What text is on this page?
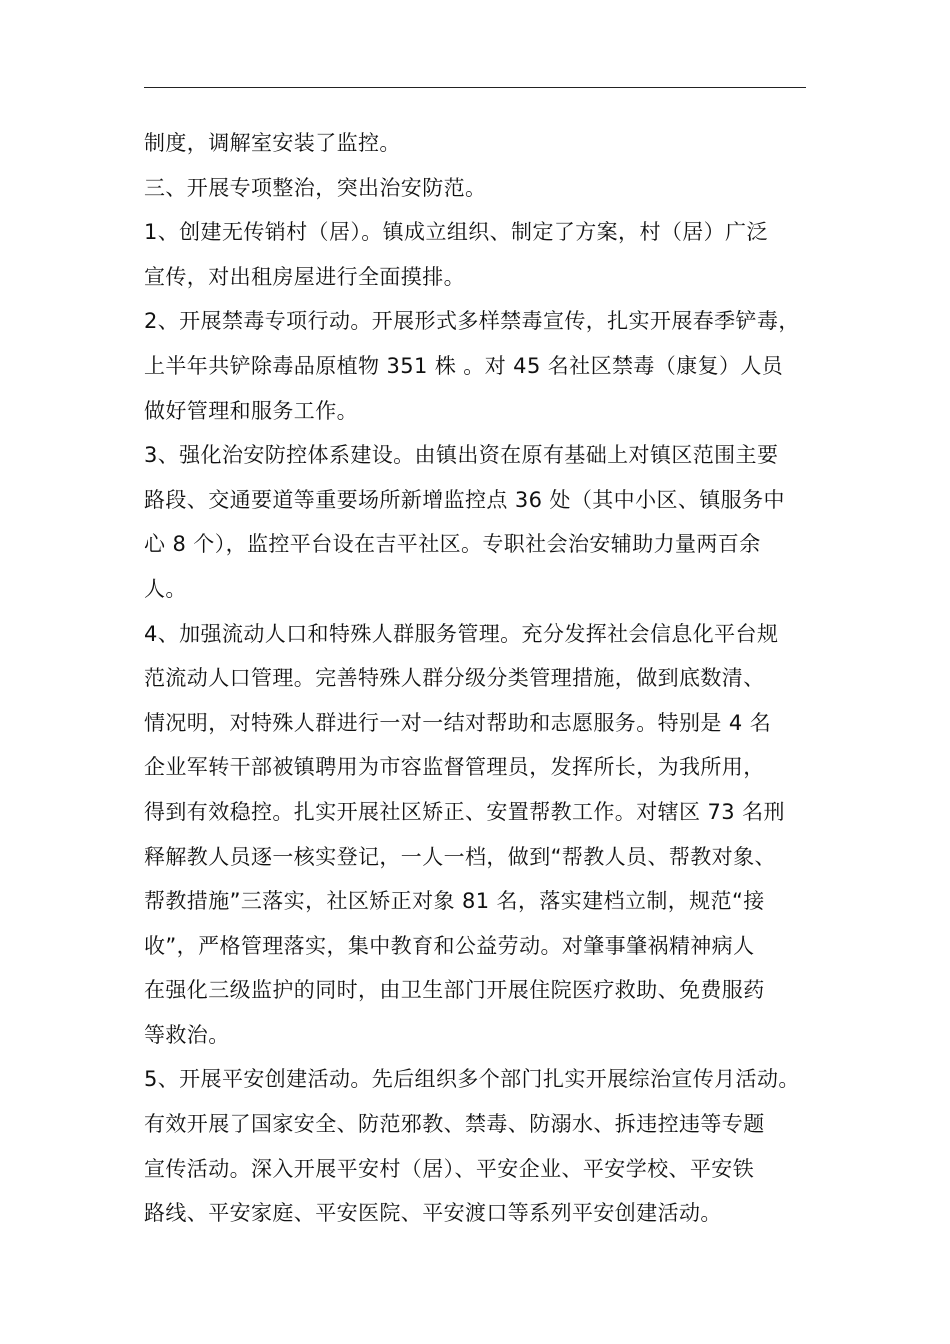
制度，调解室安装了监控。
三、开展专项整治，突出治安防范。
1、创建无传销村（居）。镇成立组织、制定了方案，村（居）广泛
宣传，对出租房屋进行全面摸排。
2、开展禁毒专项行动。开展形式多样禁毒宣传，扎实开展春季铲毒，
上半年共铲除毒品原植物 351 株 。对 45 名社区禁毒（康复）人员
做好管理和服务工作。
3、强化治安防控体系建设。由镇出资在原有基础上对镇区范围主要
路段、交通要道等重要场所新增监控点 36 处（其中小区、镇服务中
心 8 个），监控平台设在吉平社区。专职社会治安辅助力量两百余
人。
4、加强流动人口和特殊人群服务管理。充分发挥社会信息化平台规
范流动人口管理。完善特殊人群分级分类管理措施，做到底数清、
情况明，对特殊人群进行一对一结对帮助和志愿服务。特别是 4 名
企业军转干部被镇聘用为市容监督管理员，发挥所长，为我所用，
得到有效稳控。扎实开展社区矫正、安置帮教工作。对辖区 73 名刑
释解教人员逐一核实登记，一人一档，做到“帮教人员、帮教对象、
帮教措施”三落实，社区矫正对象 81 名，落实建档立制，规范“接
收”，严格管理落实，集中教育和公益劳动。对肇事肇祸精神病人
在强化三级监护的同时，由卫生部门开展住院医疗救助、免费服药
等救治。
5、开展平安创建活动。先后组织多个部门扎实开展综治宣传月活动。
有效开展了国家安全、防范邪教、禁毒、防溺水、拆违控违等专题
宣传活动。深入开展平安村（居）、平安企业、平安学校、平安铁
路线、平安家庭、平安医院、平安渡口等系列平安创建活动。
